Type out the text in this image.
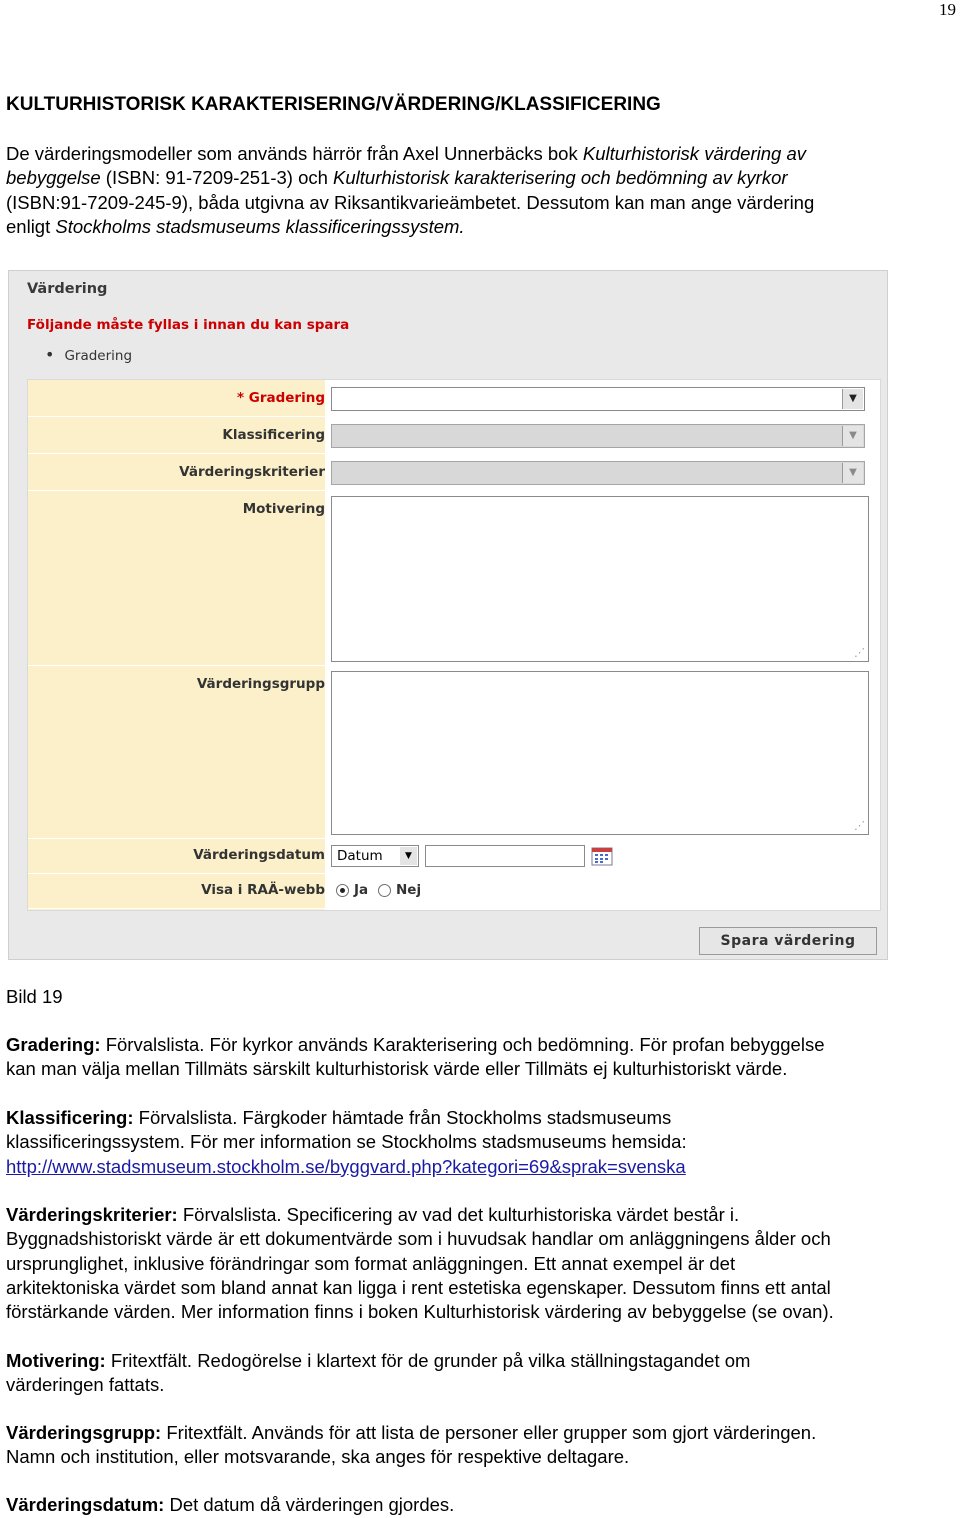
19
KULTURHISTORISK KARAKTERISERING/VÄRDERING/KLASSIFICERING
De värderingsmodeller som används härrör från Axel Unnerbäcks bok Kulturhistorisk värdering av
bebyggelse (ISBN: 91-7209-251-3) och Kulturhistorisk karakterisering och bedömning av kyrkor
(ISBN:91-7209-245-9), båda utgivna av Riksantikvarieämbetet. Dessutom kan man ange värdering
enligt Stockholms stadsmuseums klassificeringssystem.
Värdering
Följande måste fyllas i innan du kan spara
• Gradering
* Gradering	▼
Klassificering	▼
Värderingskriterier	▼
Motivering
⋰
Värderingsgrupp
⋰
Värderingsdatum Datum	▼
Visa i RAÄ-webb Ja Nej
Spara värdering
Bild 19
Gradering: Förvalslista. För kyrkor används Karakterisering och bedömning. För profan bebyggelse
kan man välja mellan Tillmäts särskilt kulturhistorisk värde eller Tillmäts ej kulturhistoriskt värde.
Klassificering: Förvalslista. Färgkoder hämtade från Stockholms stadsmuseums
klassificeringssystem. För mer information se Stockholms stadsmuseums hemsida:
http://www.stadsmuseum.stockholm.se/byggvard.php?kategori=69&sprak=svenska
Värderingskriterier: Förvalslista. Specificering av vad det kulturhistoriska värdet består i.
Byggnadshistoriskt värde är ett dokumentvärde som i huvudsak handlar om anläggningens ålder och
ursprunglighet, inklusive förändringar som format anläggningen. Ett annat exempel är det
arkitektoniska värdet som bland annat kan ligga i rent estetiska egenskaper. Dessutom finns ett antal
förstärkande värden. Mer information finns i boken Kulturhistorisk värdering av bebyggelse (se ovan).
Motivering: Fritextfält. Redogörelse i klartext för de grunder på vilka ställningstagandet om
värderingen fattats.
Värderingsgrupp: Fritextfält. Används för att lista de personer eller grupper som gjort värderingen.
Namn och institution, eller motsvarande, ska anges för respektive deltagare.
Värderingsdatum: Det datum då värderingen gjordes.
